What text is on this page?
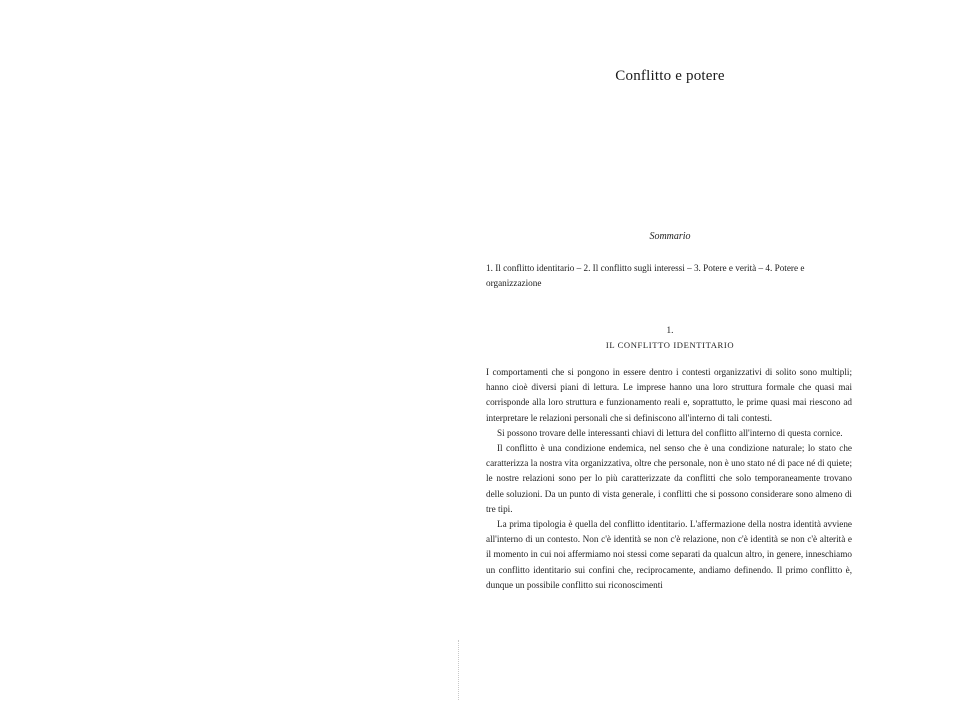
Conflitto e potere
Sommario
1. Il conflitto identitario – 2. Il conflitto sugli interessi – 3. Potere e verità – 4. Potere e organizzazione
1.
IL CONFLITTO IDENTITARIO

I comportamenti che si pongono in essere dentro i contesti organizzativi di solito sono multipli; hanno cioè diversi piani di lettura. Le imprese hanno una loro struttura formale che quasi mai corrisponde alla loro struttura e funzionamento reali e, soprattutto, le prime quasi mai riescono ad interpretare le relazioni personali che si definiscono all'interno di tali contesti.

Si possono trovare delle interessanti chiavi di lettura del conflitto all'interno di questa cornice.

Il conflitto è una condizione endemica, nel senso che è una condizione naturale; lo stato che caratterizza la nostra vita organizzativa, oltre che personale, non è uno stato né di pace né di quiete; le nostre relazioni sono per lo più caratterizzate da conflitti che solo temporaneamente trovano delle soluzioni. Da un punto di vista generale, i conflitti che si possono considerare sono almeno di tre tipi.

La prima tipologia è quella del conflitto identitario. L'affermazione della nostra identità avviene all'interno di un contesto. Non c'è identità se non c'è relazione, non c'è identità se non c'è alterità e il momento in cui noi affermiamo noi stessi come separati da qualcun altro, in genere, inneschiamo un conflitto identitario sui confini che, reciprocamente, andiamo definendo. Il primo conflitto è, dunque un possibile conflitto sui riconoscimenti
